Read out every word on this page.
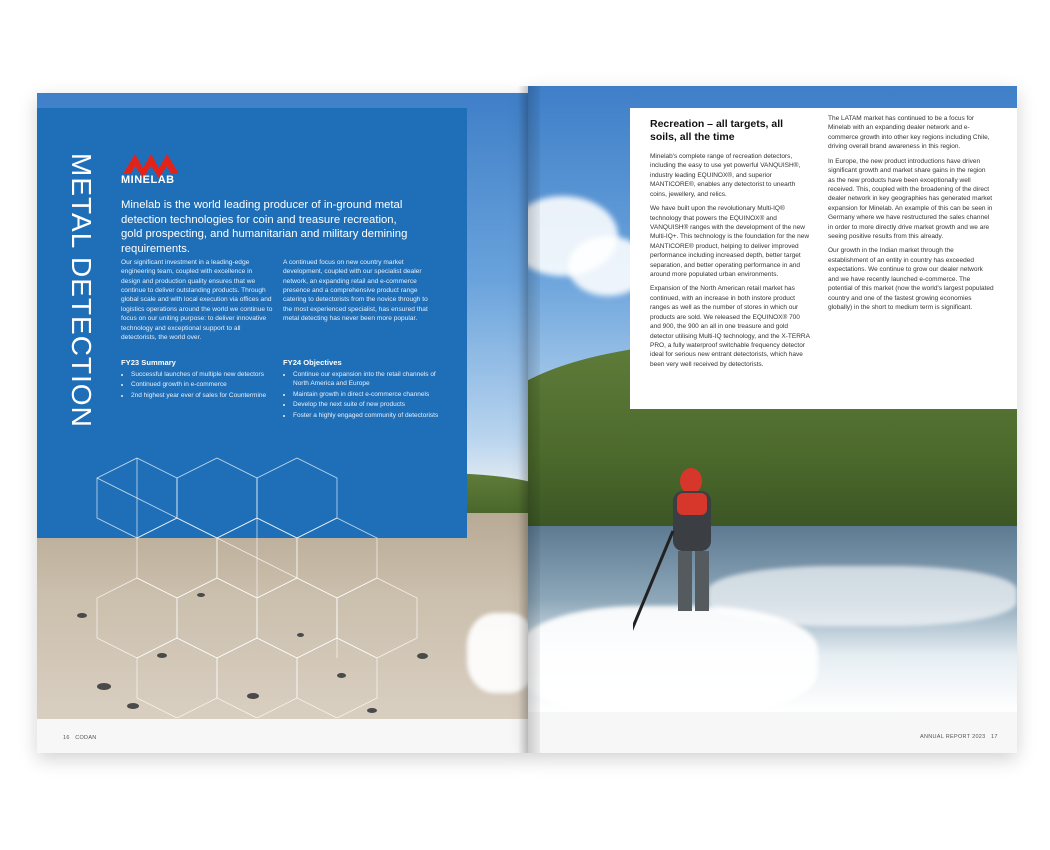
METAL DETECTION MINELAB
Minelab is the world leading producer of in-ground metal detection technologies for coin and treasure recreation, gold prospecting, and humanitarian and military demining requirements.
Our significant investment in a leading-edge engineering team, coupled with excellence in design and production quality ensures that we continue to deliver outstanding products. Through global scale and with local execution via offices and logistics operations around the world we continue to focus on our uniting purpose: to deliver innovative technology and exceptional support to all detectorists, the world over.
A continued focus on new country market development, coupled with our specialist dealer network, an expanding retail and e-commerce presence and a comprehensive product range catering to detectorists from the novice through to the most experienced specialist, has ensured that metal detecting has never been more popular.
FY23 Summary
• Successful launches of multiple new detectors
• Continued growth in e-commerce
• 2nd highest year ever of sales for Countermine
FY24 Objectives
• Continue our expansion into the retail channels of North America and Europe
• Maintain growth in direct e-commerce channels
• Develop the next suite of new products
• Foster a highly engaged community of detectorists
16 CODAN
Recreation – all targets, all soils, all the time

Minelab's complete range of recreation detectors, including the easy to use yet powerful VANQUISH®, industry leading EQUINOX®, and superior MANTICORE®, enables any detectorist to unearth coins, jewellery, and relics.

We have built upon the revolutionary Multi-IQ® technology that powers the EQUINOX® and VANQUISH® ranges with the development of the new Multi-IQ+. This technology is the foundation for the new MANTICORE® product, helping to deliver improved performance including increased depth, better target separation, and better operating performance in and around more populated urban environments.

Expansion of the North American retail market has continued, with an increase in both instore product ranges as well as the number of stores in which our products are sold. We released the EQUINOX® 700 and 900, the 900 an all in one treasure and gold detector utilising Multi-IQ technology, and the X-TERRA PRO, a fully waterproof switchable frequency detector ideal for serious new entrant detectorists, which have been very well received by detectorists.

The LATAM market has continued to be a focus for Minelab with an expanding dealer network and e-commerce growth into other key regions including Chile, driving overall brand awareness in this region.

In Europe, the new product introductions have driven significant growth and market share gains in the region as the new products have been exceptionally well received. This, coupled with the broadening of the direct dealer network in key geographies has generated market expansion for Minelab. An example of this can be seen in Germany where we have restructured the sales channel in order to more directly drive market growth and we are seeing positive results from this already.

Our growth in the Indian market through the establishment of an entity in country has exceeded expectations. We continue to grow our dealer network and we have recently launched e-commerce. The potential of this market (now the world's largest populated country and one of the fastest growing economies globally) in the short to medium term is significant.

ANNUAL REPORT 2023 17
